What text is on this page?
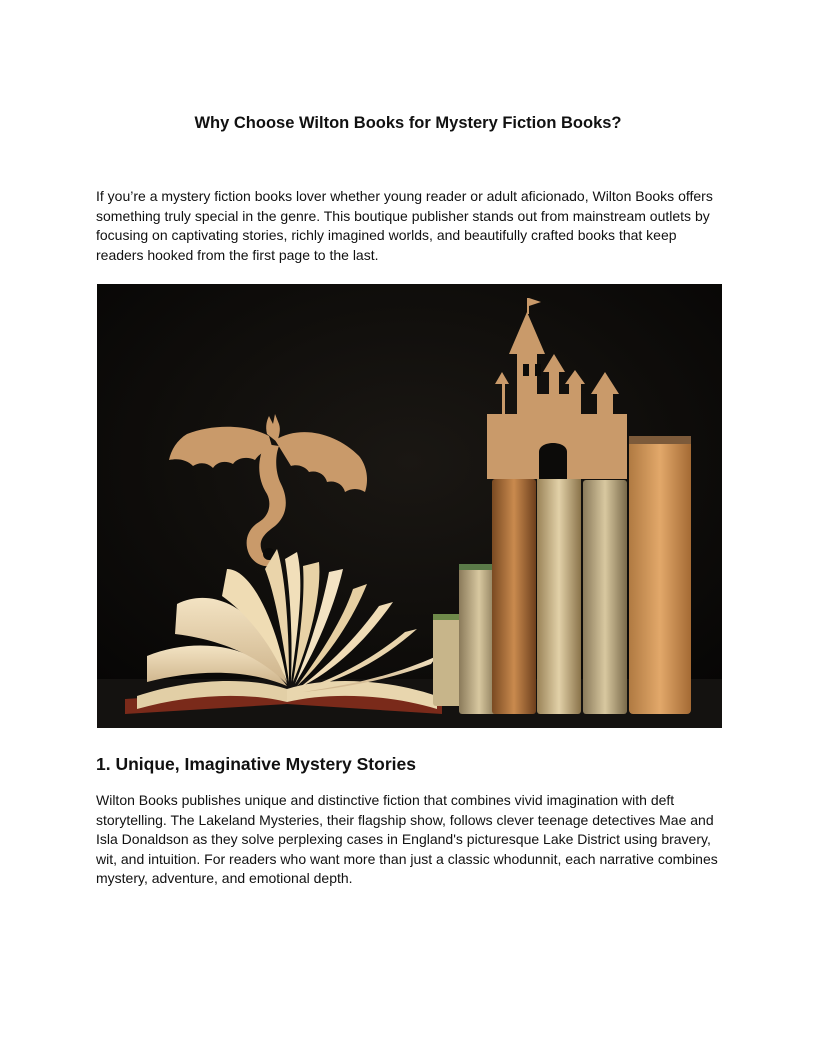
Why Choose Wilton Books for Mystery Fiction Books?

If you’re a mystery fiction books lover whether young reader or adult aficionado, Wilton Books offers something truly special in the genre. This boutique publisher stands out from mainstream outlets by focusing on captivating stories, richly imagined worlds, and beautifully crafted books that keep readers hooked from the first page to the last.

1. Unique, Imaginative Mystery Stories

Wilton Books publishes unique and distinctive fiction that combines vivid imagination with deft storytelling. The Lakeland Mysteries, their flagship show, follows clever teenage detectives Mae and Isla Donaldson as they solve perplexing cases in England's picturesque Lake District using bravery, wit, and intuition. For readers who want more than just a classic whodunnit, each narrative combines mystery, adventure, and emotional depth.
